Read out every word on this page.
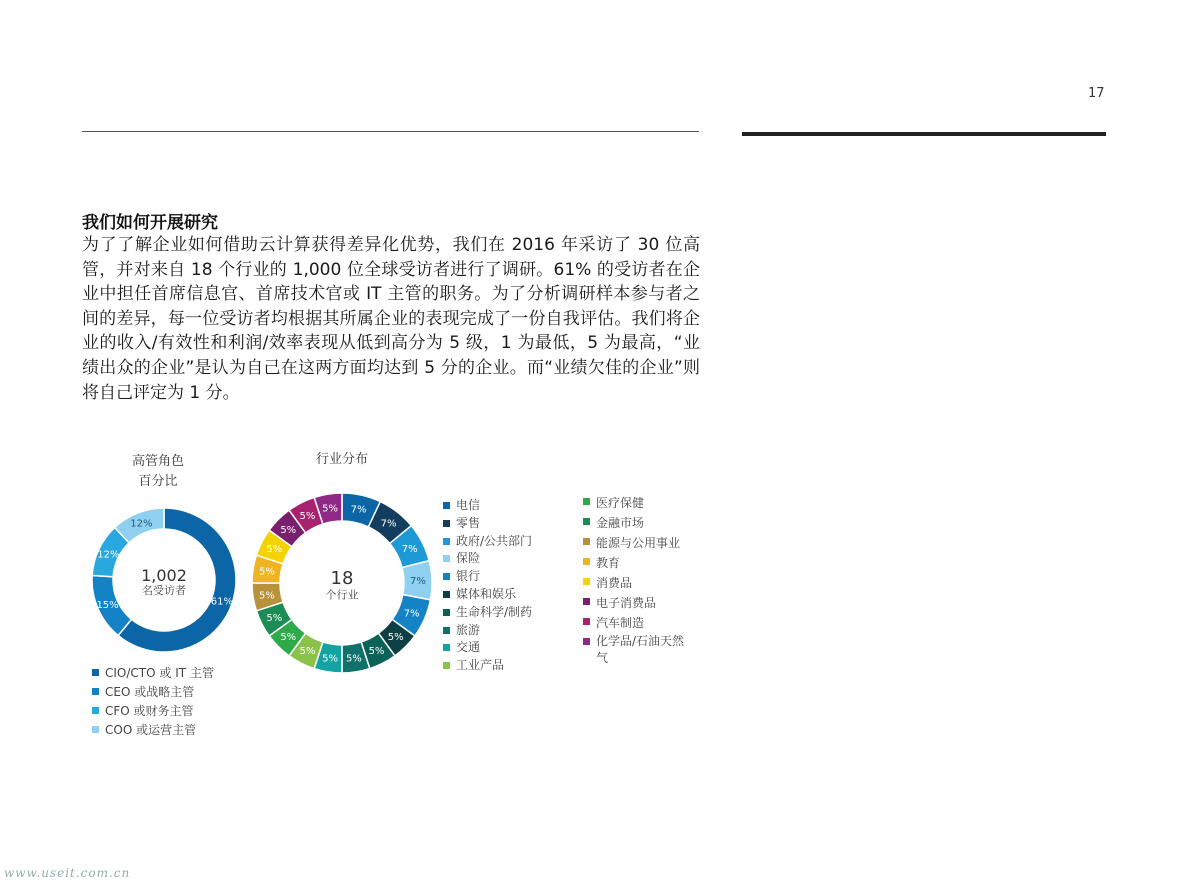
17
我们如何开展研究

为了了解企业如何借助云计算获得差异化优势，我们在 2016 年采访了 30 位高管，并对来自 18 个行业的 1,000 位全球受访者进行了调研。61% 的受访者在企业中担任首席信息官、首席技术官或 IT 主管的职务。为了分析调研样本参与者之间的差异，每一位受访者均根据其所属企业的表现完成了一份自我评估。我们将企业的收入/有效性和利润/效率表现从低到高分为 5 级，1 为最低，5 为最高，“业绩出众的企业”是认为自己在这两方面均达到 5 分的企业。而“业绩欠佳的企业”则将自己评定为 1 分。

高管角色
百分比
61%
15%
12%
12%
1,002
名受访者
CIO/CTO 或 IT 主管
CEO 或战略主管
CFO 或财务主管
COO 或运营主管
行业分布
7%
7%
7%
7%
7%
5%
5%
5%
5%
5%
5%
5%
5%
5%
5%
5%
5%
5%
18
个行业
电信
零售
政府/公共部门
保险
银行
媒体和娱乐
生命科学/制药
旅游
交通
工业产品
医疗保健
金融市场
能源与公用事业
教育
消费品
电子消费品
汽车制造
化学品/石油天然气
www.useit.com.cn
